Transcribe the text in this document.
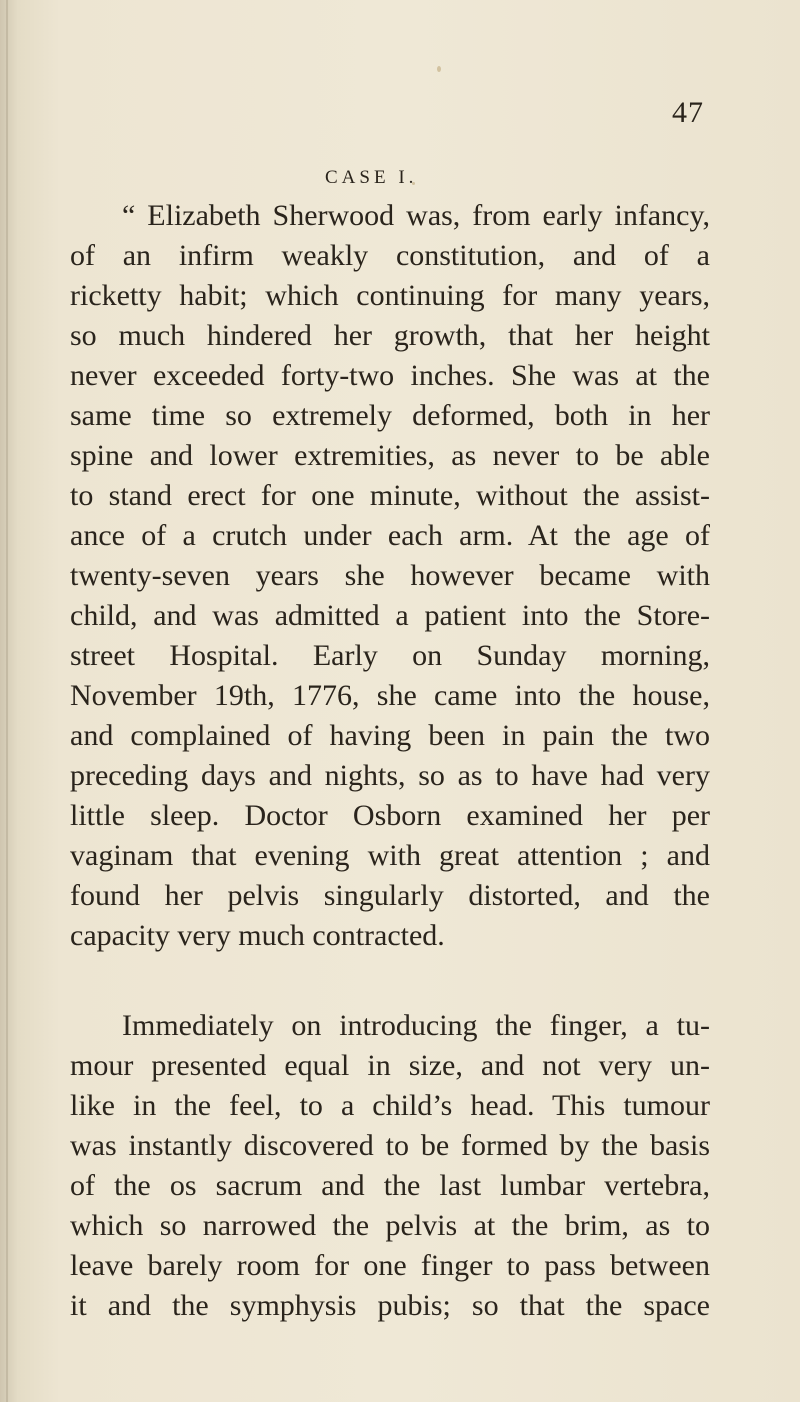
47
CASE I.
“ Elizabeth Sherwood was, from early infancy,
of an infirm weakly constitution, and of a
ricketty habit; which continuing for many years,
so much hindered her growth, that her height
never exceeded forty-two inches. She was at the
same time so extremely deformed, both in her
spine and lower extremities, as never to be able
to stand erect for one minute, without the assist-
ance of a crutch under each arm. At the age of
twenty-seven years she however became with
child, and was admitted a patient into the Store-
street Hospital. Early on Sunday morning,
November 19th, 1776, she came into the house,
and complained of having been in pain the two
preceding days and nights, so as to have had very
little sleep. Doctor Osborn examined her per
vaginam that evening with great attention ; and
found her pelvis singularly distorted, and the
capacity very much contracted.
Immediately on introducing the finger, a tu-
mour presented equal in size, and not very un-
like in the feel, to a child’s head. This tumour
was instantly discovered to be formed by the basis
of the os sacrum and the last lumbar vertebra,
which so narrowed the pelvis at the brim, as to
leave barely room for one finger to pass between
it and the symphysis pubis; so that the space
